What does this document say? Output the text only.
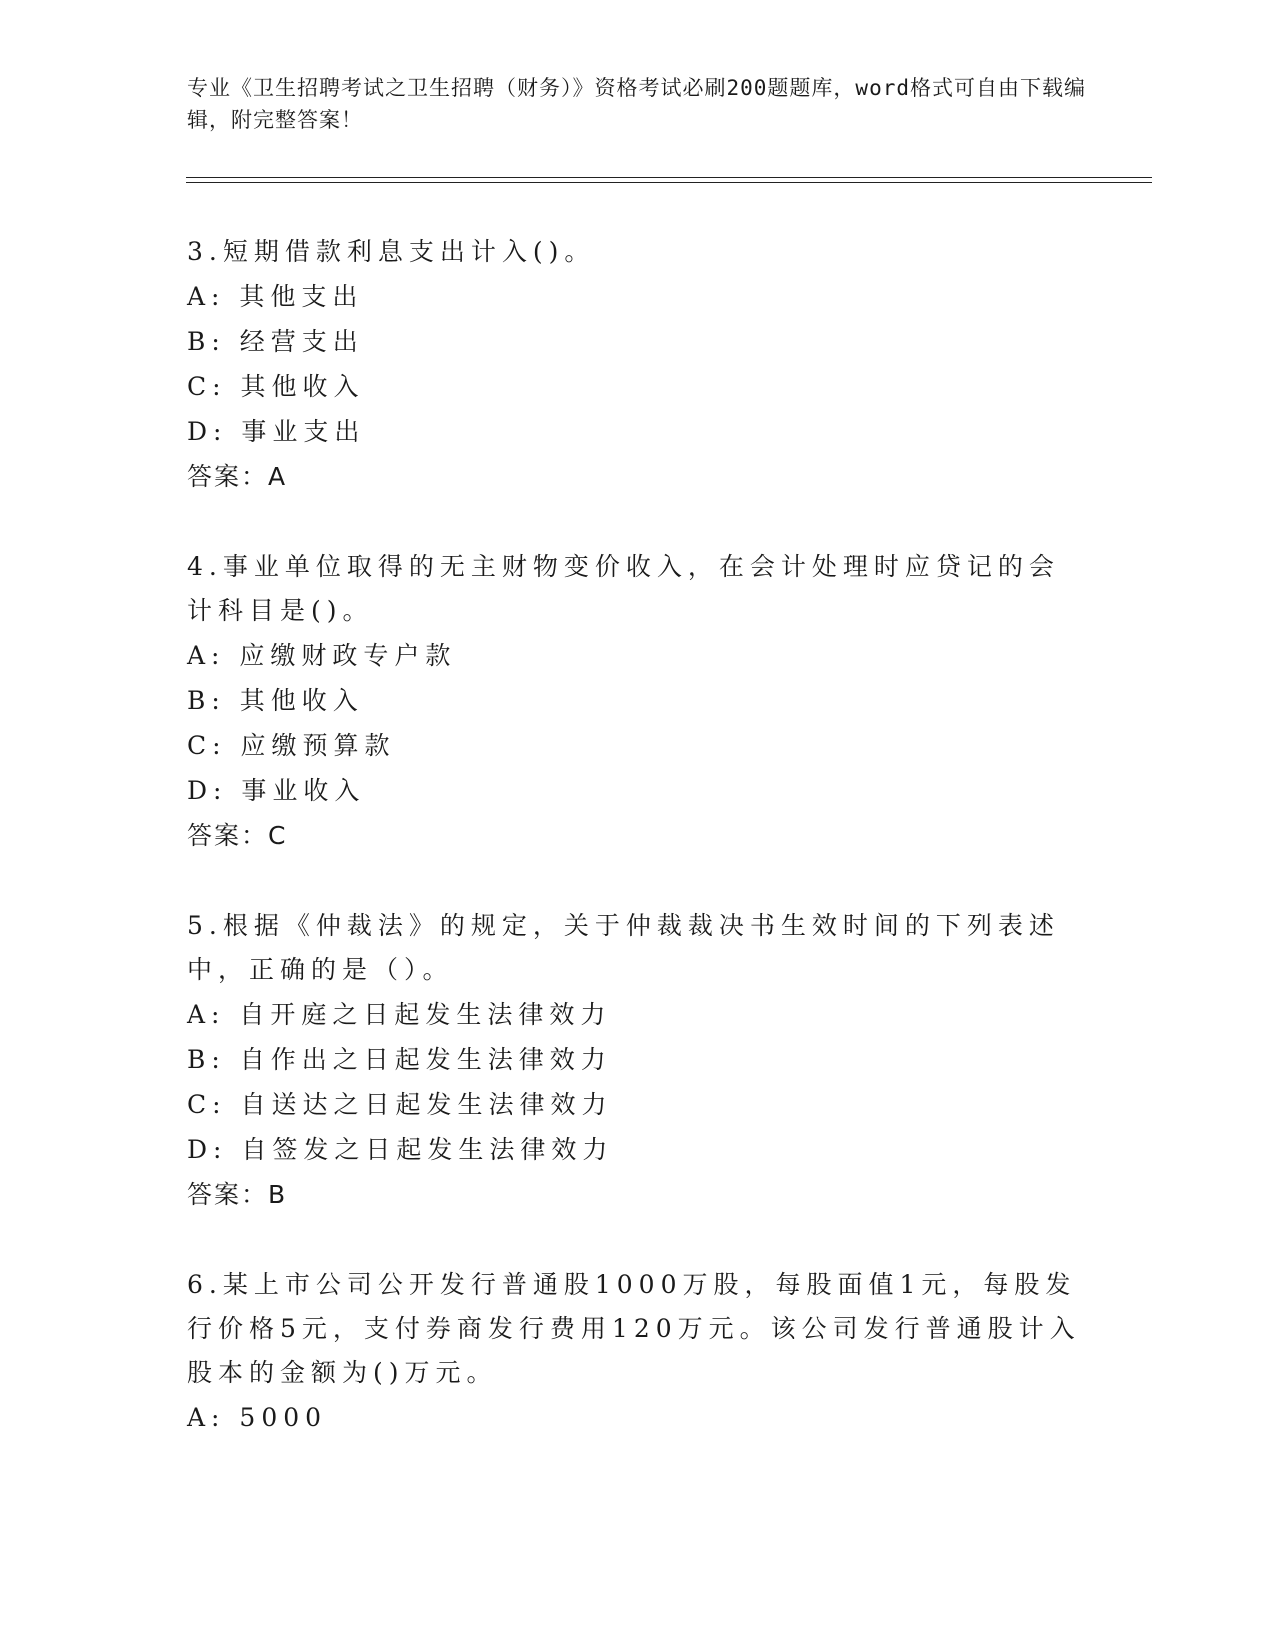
专业《卫生招聘考试之卫生招聘（财务）》资格考试必刷200题题库，word格式可自由下载编辑，附完整答案！

3.短期借款利息支出计入()。

A: 其他支出

B: 经营支出

C: 其他收入

D: 事业支出

答案：A

4.事业单位取得的无主财物变价收入，在会计处理时应贷记的会计科目是()。

A: 应缴财政专户款

B: 其他收入

C: 应缴预算款

D: 事业收入

答案：C

5.根据《仲裁法》的规定，关于仲裁裁决书生效时间的下列表述中，正确的是（）。

A: 自开庭之日起发生法律效力

B: 自作出之日起发生法律效力

C: 自送达之日起发生法律效力

D: 自签发之日起发生法律效力

答案：B

6.某上市公司公开发行普通股1000万股，每股面值1元，每股发行价格5元，支付券商发行费用120万元。该公司发行普通股计入股本的金额为()万元。

A: 5000
